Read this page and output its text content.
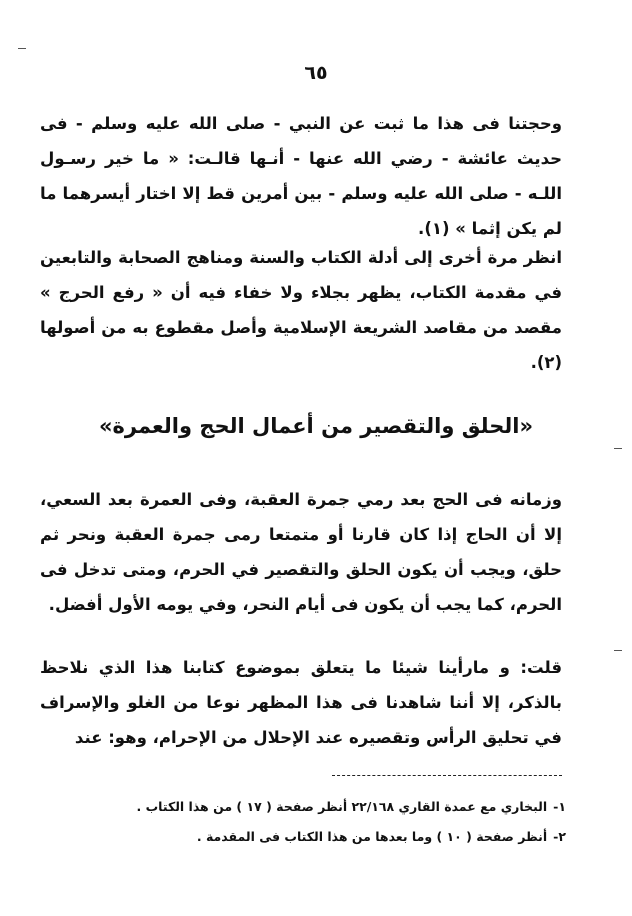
٦٥

وحجتنا فى هذا ما ثبت عن النبي - صلى الله عليه وسلم - فى حديث عائشة - رضي الله عنها - أنـها قالـت: « ما خير رسـول اللـه - صلى الله عليه وسلم - بين أمرين قط إلا اختار أيسرهما ما لم يكن إثما » (١).

انظر مرة أخرى إلى أدلة الكتاب والسنة ومناهج الصحابة والتابعين في مقدمة الكتاب، يظهر بجلاء ولا خفاء فيه أن « رفع الحرج » مقصد من مقاصد الشريعة الإسلامية وأصل مقطوع به من أصولها (٢).

«الحلق والتقصير من أعمال الحج والعمرة»

وزمانه فى الحج بعد رمي جمرة العقبة، وفى العمرة بعد السعي، إلا أن الحاج إذا كان قارنا أو متمتعا رمى جمرة العقبة ونحر ثم حلق، ويجب أن يكون الحلق والتقصير في الحرم، ومتى تدخل فى الحرم، كما يجب أن يكون فى أيام النحر، وفي يومه الأول أفضل.

قلت: و مارأينا شيئا ما يتعلق بموضوع كتابنا هذا الذي نلاحظ بالذكر، إلا أننا شاهدنا فى هذا المظهر نوعا من الغلو والإسراف في تحليق الرأس وتقصيره عند الإحلال من الإحرام، وهو: عند

١-البخاري مع عمدة القاري ٢٢/١٦٨ أنظر صفحة ( ١٧ ) من هذا الكتاب .
٢-أنظر صفحة ( ١٠ ) وما بعدها من هذا الكتاب فى المقدمة .
